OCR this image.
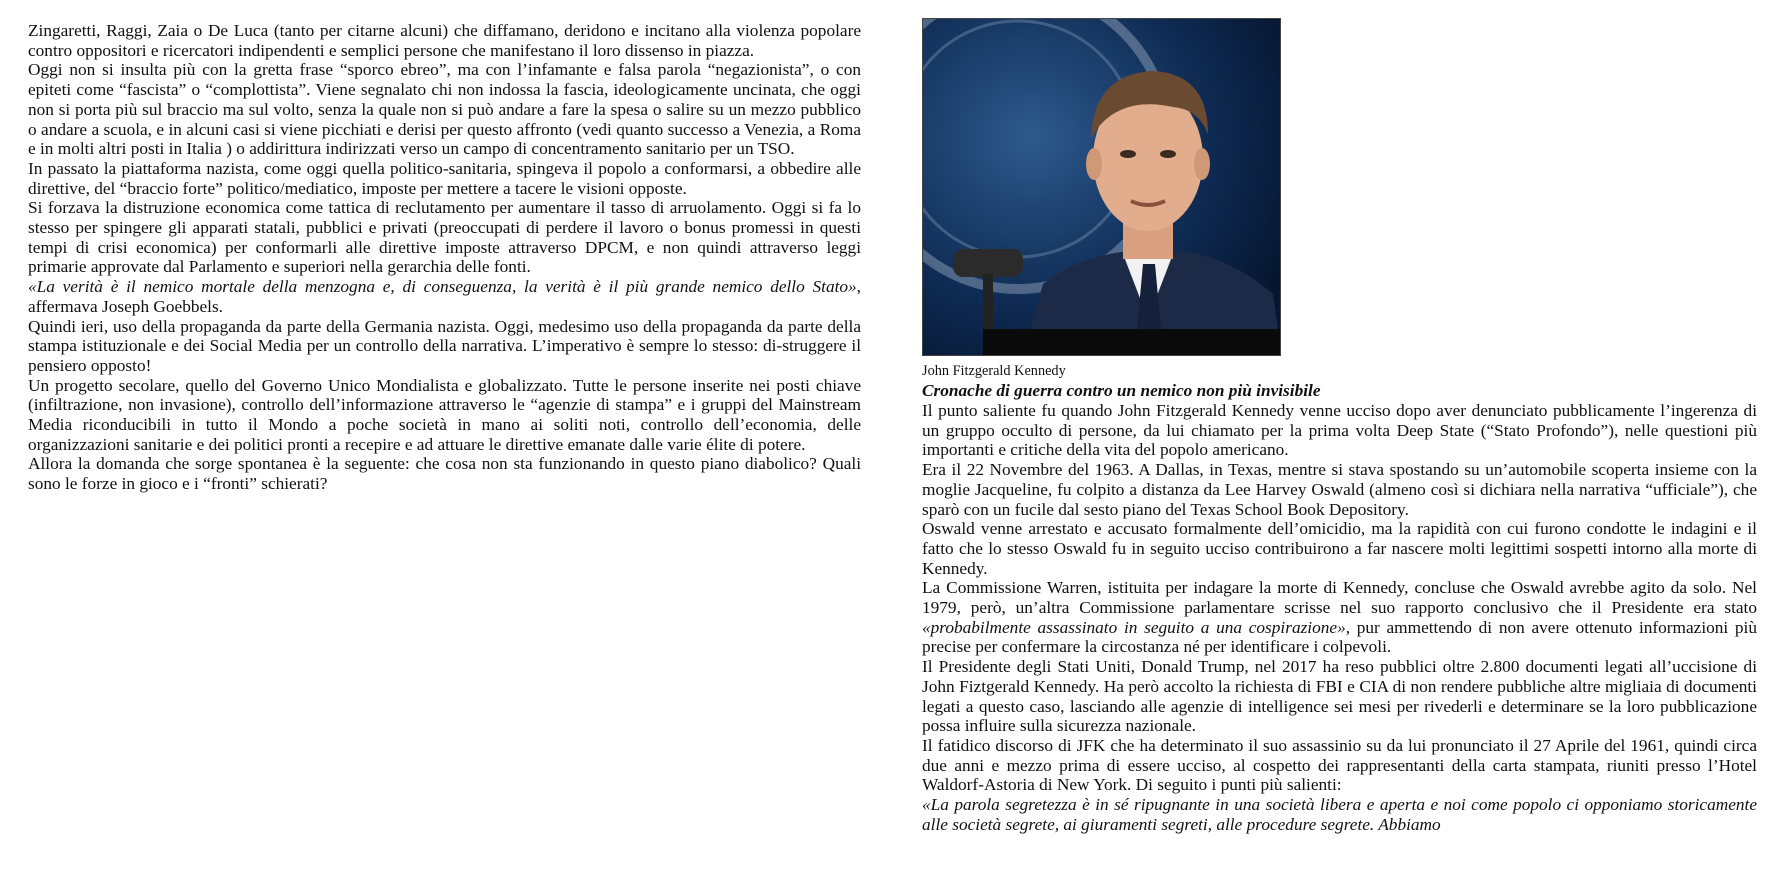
Zingaretti, Raggi, Zaia o De Luca (tanto per citarne alcuni) che diffamano, deridono e incitano alla violenza popolare contro oppositori e ricercatori indipendenti e semplici persone che manifestano il loro dissenso in piazza.

Oggi non si insulta più con la gretta frase “sporco ebreo”, ma con l’infamante e falsa parola “negazionista”, o con epiteti come “fascista” o “complottista”. Viene segnalato chi non indossa la fascia, ideologicamente uncinata, che oggi non si porta più sul braccio ma sul volto, senza la quale non si può andare a fare la spesa o salire su un mezzo pubblico o andare a scuola, e in alcuni casi si viene picchiati e derisi per questo affronto (vedi quanto successo a Venezia, a Roma e in molti altri posti in Italia ) o addirittura indirizzati verso un campo di concentramento sanitario per un TSO.

In passato la piattaforma nazista, come oggi quella politico-sanitaria, spingeva il popolo a conformarsi, a obbedire alle direttive, del “braccio forte” politico/mediatico, imposte per mettere a tacere le visioni opposte.

Si forzava la distruzione economica come tattica di reclutamento per aumentare il tasso di arruolamento. Oggi si fa lo stesso per spingere gli apparati statali, pubblici e privati (preoccupati di perdere il lavoro o bonus promessi in questi tempi di crisi economica) per conformarli alle direttive imposte attraverso DPCM, e non quindi attraverso leggi primarie approvate dal Parlamento e superiori nella gerarchia delle fonti.

«La verità è il nemico mortale della menzogna e, di conseguenza, la verità è il più grande nemico dello Stato», affermava Joseph Goebbels.

Quindi ieri, uso della propaganda da parte della Germania nazista. Oggi, medesimo uso della propaganda da parte della stampa istituzionale e dei Social Media per un controllo della narrativa. L’imperativo è sempre lo stesso: di-struggere il pensiero opposto!

Un progetto secolare, quello del Governo Unico Mondialista e globalizzato. Tutte le persone inserite nei posti chiave (infiltrazione, non invasione), controllo dell’informazione attraverso le “agenzie di stampa” e i gruppi del Mainstream Media riconducibili in tutto il Mondo a poche società in mano ai soliti noti, controllo dell’economia, delle organizzazioni sanitarie e dei politici pronti a recepire e ad attuare le direttive emanate dalle varie élite di potere.

Allora la domanda che sorge spontanea è la seguente: che cosa non sta funzionando in questo piano diabolico? Quali sono le forze in gioco e i “fronti” schierati?

John Fitzgerald Kennedy
Cronache di guerra contro un nemico non più invisibile

Il punto saliente fu quando John Fitzgerald Kennedy venne ucciso dopo aver denunciato pubblicamente l’ingerenza di un gruppo occulto di persone, da lui chiamato per la prima volta Deep State (“Stato Profondo”), nelle questioni più importanti e critiche della vita del popolo americano.

Era il 22 Novembre del 1963. A Dallas, in Texas, mentre si stava spostando su un’automobile scoperta insieme con la moglie Jacqueline, fu colpito a distanza da Lee Harvey Oswald (almeno così si dichiara nella narrativa “ufficiale”), che sparò con un fucile dal sesto piano del Texas School Book Depository.

Oswald venne arrestato e accusato formalmente dell’omicidio, ma la rapidità con cui furono condotte le indagini e il fatto che lo stesso Oswald fu in seguito ucciso contribuirono a far nascere molti legittimi sospetti intorno alla morte di Kennedy.

La Commissione Warren, istituita per indagare la morte di Kennedy, concluse che Oswald avrebbe agito da solo. Nel 1979, però, un’altra Commissione parlamentare scrisse nel suo rapporto conclusivo che il Presidente era stato «probabilmente assassinato in seguito a una cospirazione», pur ammettendo di non avere ottenuto informazioni più precise per confermare la circostanza né per identificare i colpevoli.

Il Presidente degli Stati Uniti, Donald Trump, nel 2017 ha reso pubblici oltre 2.800 documenti legati all’uccisione di John Fiztgerald Kennedy. Ha però accolto la richiesta di FBI e CIA di non rendere pubbliche altre migliaia di documenti legati a questo caso, lasciando alle agenzie di intelligence sei mesi per rivederli e determinare se la loro pubblicazione possa influire sulla sicurezza nazionale.

Il fatidico discorso di JFK che ha determinato il suo assassinio su da lui pronunciato il 27 Aprile del 1961, quindi circa due anni e mezzo prima di essere ucciso, al cospetto dei rappresentanti della carta stampata, riuniti presso l’Hotel Waldorf-Astoria di New York. Di seguito i punti più salienti:

«La parola segretezza è in sé ripugnante in una società libera e aperta e noi come popolo ci opponiamo storicamente alle società segrete, ai giuramenti segreti, alle procedure segrete. Abbiamo
